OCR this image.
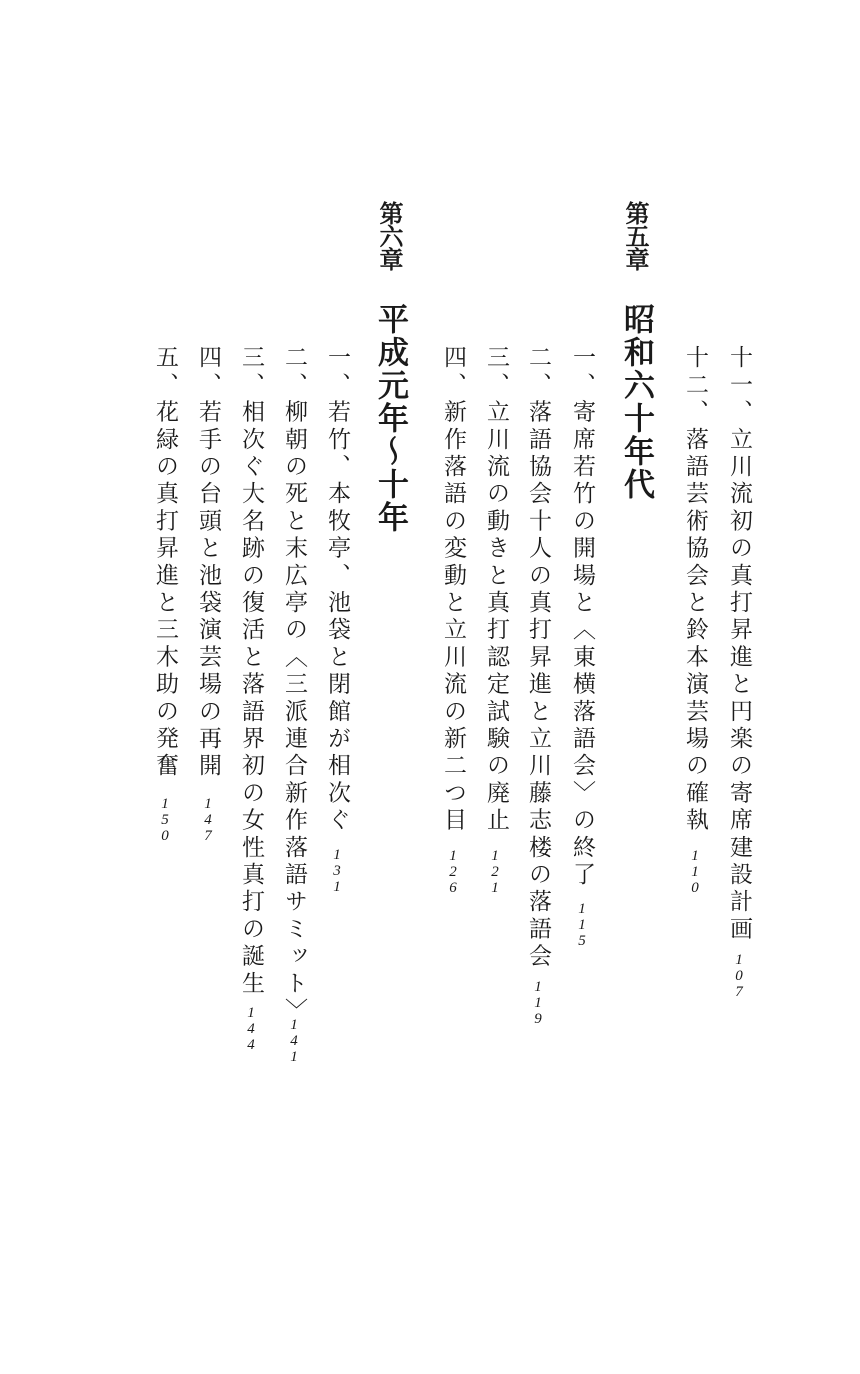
十一、立川流初の真打昇進と円楽の寄席建設計画
107
十二、落語芸術協会と鈴本演芸場の確執
110
第五章
昭和六十年代
一、寄席若竹の開場と〈東横落語会〉の終了
115
二、落語協会十人の真打昇進と立川藤志楼の落語会
119
三、立川流の動きと真打認定試験の廃止
121
四、新作落語の変動と立川流の新二つ目
126
第六章
平成元年～十年
一、若竹、本牧亭、池袋と閉館が相次ぐ
131
二、柳朝の死と末広亭の〈三派連合新作落語サミット〉
141
三、相次ぐ大名跡の復活と落語界初の女性真打の誕生
144
四、若手の台頭と池袋演芸場の再開
147
五、花緑の真打昇進と三木助の発奮
150
